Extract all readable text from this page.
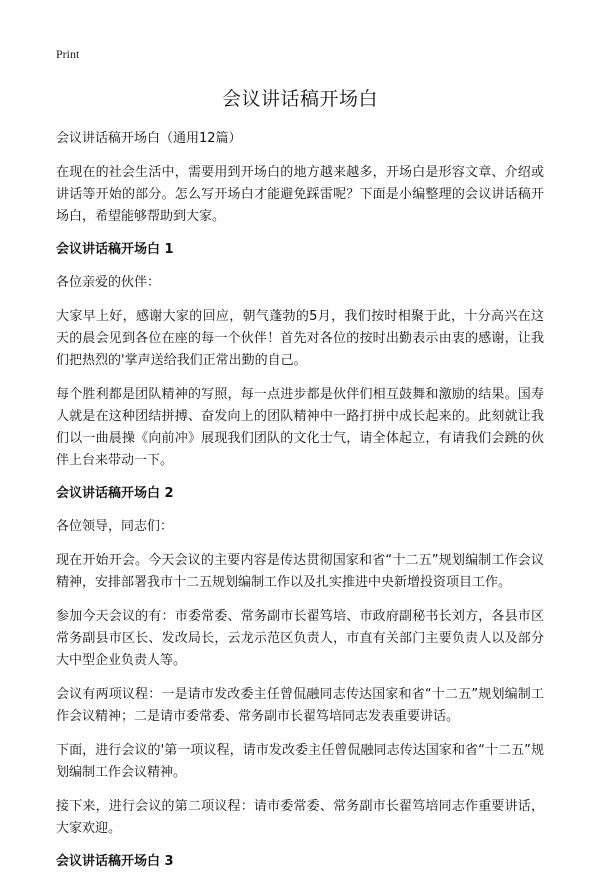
Print
会议讲话稿开场白

会议讲话稿开场白（通用12篇）

在现在的社会生活中，需要用到开场白的地方越来越多，开场白是形容文章、介绍或讲话等开始的部分。怎么写开场白才能避免踩雷呢？下面是小编整理的会议讲话稿开场白，希望能够帮助到大家。

会议讲话稿开场白 1

各位亲爱的伙伴：

大家早上好，感谢大家的回应，朝气蓬勃的5月，我们按时相聚于此，十分高兴在这天的晨会见到各位在座的每一个伙伴！首先对各位的按时出勤表示由衷的感谢，让我们把热烈的'掌声送给我们正常出勤的自己。

每个胜利都是团队精神的写照，每一点进步都是伙伴们相互鼓舞和激励的结果。国寿人就是在这种团结拼搏、奋发向上的团队精神中一路打拼中成长起来的。此刻就让我们以一曲晨操《向前冲》展现我们团队的文化士气，请全体起立，有请我们会跳的伙伴上台来带动一下。

会议讲话稿开场白 2

各位领导，同志们：

现在开始开会。今天会议的主要内容是传达贯彻国家和省“十二五”规划编制工作会议精神，安排部署我市十二五规划编制工作以及扎实推进中央新增投资项目工作。

参加今天会议的有：市委常委、常务副市长翟笃培、市政府副秘书长刘方，各县市区常务副县市区长、发改局长，云龙示范区负责人，市直有关部门主要负责人以及部分大中型企业负责人等。

会议有两项议程：一是请市发改委主任曾侃融同志传达国家和省“十二五”规划编制工作会议精神；二是请市委常委、常务副市长翟笃培同志发表重要讲话。

下面，进行会议的'第一项议程，请市发改委主任曾侃融同志传达国家和省“十二五”规划编制工作会议精神。

接下来，进行会议的第二项议程：请市委常委、常务副市长翟笃培同志作重要讲话，大家欢迎。

会议讲话稿开场白 3
